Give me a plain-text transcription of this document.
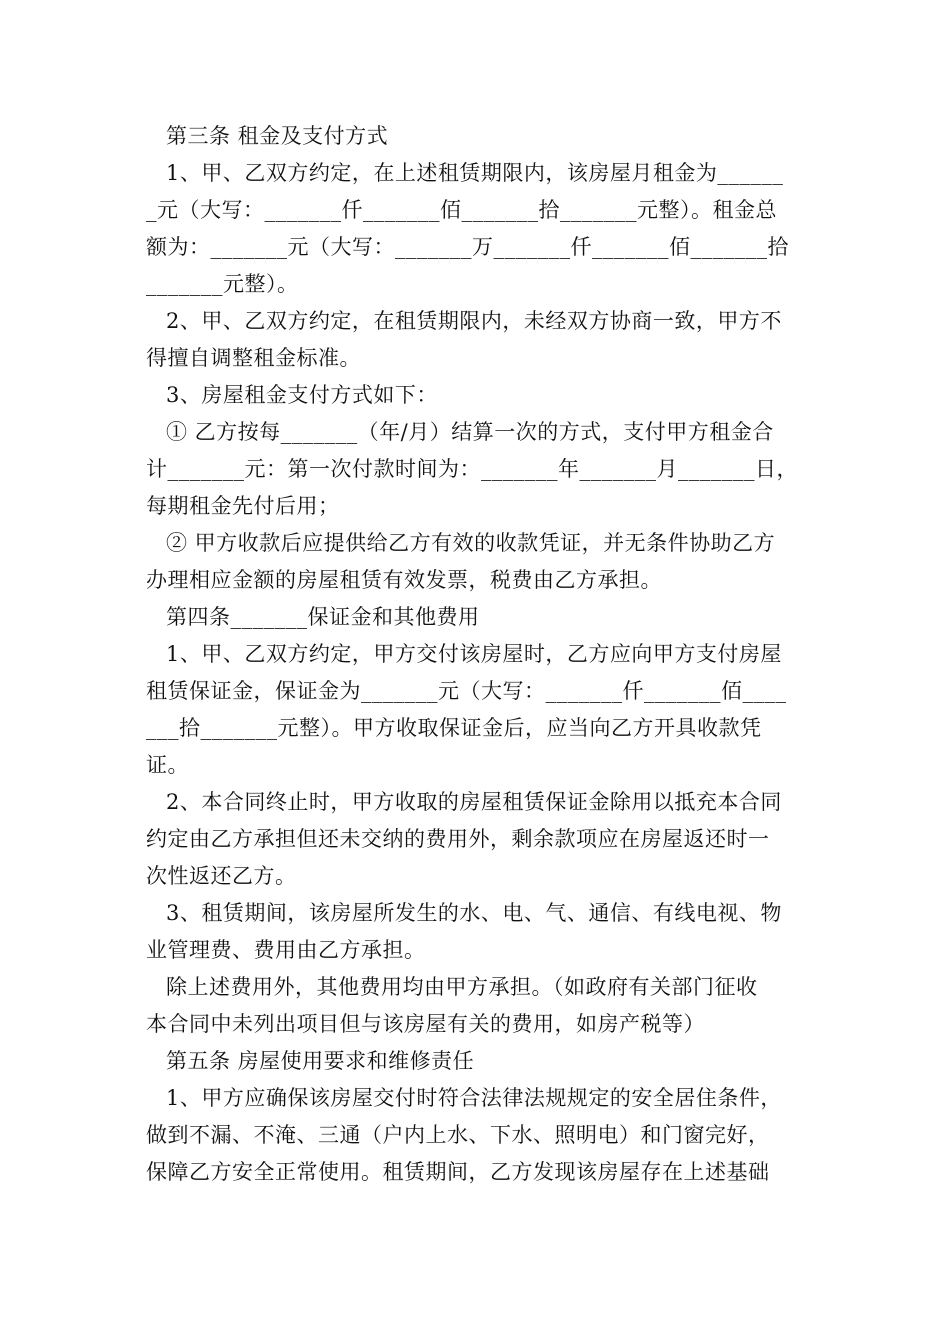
第三条 租金及支付方式
1、甲、乙双方约定，在上述租赁期限内，该房屋月租金为______
_元（大写：_______仟_______佰_______拾_______元整）。租金总
额为：_______元（大写：_______万_______仟_______佰_______拾
_______元整）。
2、甲、乙双方约定，在租赁期限内，未经双方协商一致，甲方不
得擅自调整租金标准。
3、房屋租金支付方式如下：
① 乙方按每_______（年/月）结算一次的方式，支付甲方租金合
计_______元：第一次付款时间为：_______年_______月_______日，
每期租金先付后用；
② 甲方收款后应提供给乙方有效的收款凭证，并无条件协助乙方
办理相应金额的房屋租赁有效发票，税费由乙方承担。
第四条_______保证金和其他费用
1、甲、乙双方约定，甲方交付该房屋时，乙方应向甲方支付房屋
租赁保证金，保证金为_______元（大写：_______仟_______佰____
___拾_______元整）。甲方收取保证金后，应当向乙方开具收款凭
证。
2、本合同终止时，甲方收取的房屋租赁保证金除用以抵充本合同
约定由乙方承担但还未交纳的费用外，剩余款项应在房屋返还时一
次性返还乙方。
3、租赁期间，该房屋所发生的水、电、气、通信、有线电视、物
业管理费、费用由乙方承担。
除上述费用外，其他费用均由甲方承担。（如政府有关部门征收
本合同中未列出项目但与该房屋有关的费用，如房产税等）
第五条 房屋使用要求和维修责任
1、甲方应确保该房屋交付时符合法律法规规定的安全居住条件，
做到不漏、不淹、三通（户内上水、下水、照明电）和门窗完好，
保障乙方安全正常使用。租赁期间，乙方发现该房屋存在上述基础
